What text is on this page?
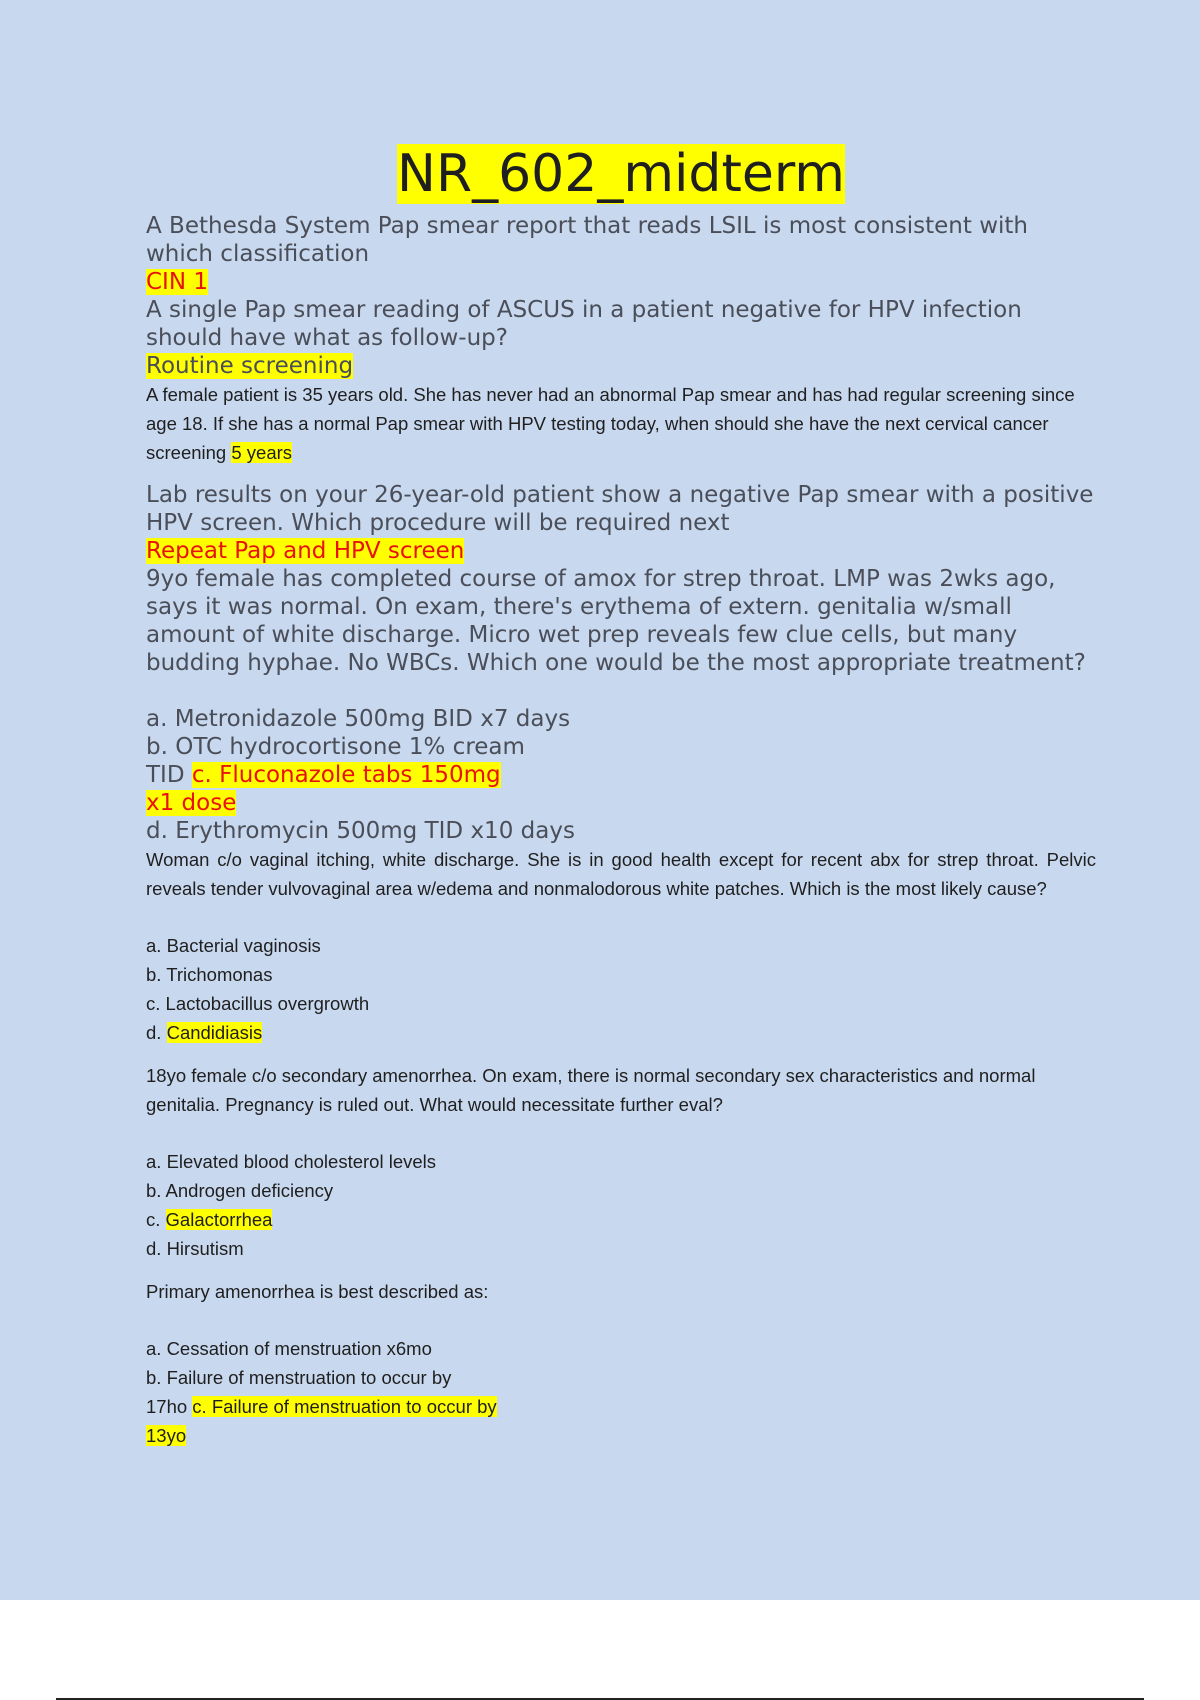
NR_602_midterm

A Bethesda System Pap smear report that reads LSIL is most consistent with which classification

CIN 1

A single Pap smear reading of ASCUS in a patient negative for HPV infection should have what as follow-up?

Routine screening

A female patient is 35 years old. She has never had an abnormal Pap smear and has had regular screening since age 18. If she has a normal Pap smear with HPV testing today, when should she have the next cervical cancer screening 5 years

Lab results on your 26-year-old patient show a negative Pap smear with a positive HPV screen. Which procedure will be required next

Repeat Pap and HPV screen

9yo female has completed course of amox for strep throat. LMP was 2wks ago, says it was normal. On exam, there's erythema of extern. genitalia w/small amount of white discharge. Micro wet prep reveals few clue cells, but many budding hyphae. No WBCs. Which one would be the most appropriate treatment?

a. Metronidazole 500mg BID x7 days

b. OTC hydrocortisone 1% cream

TID c. Fluconazole tabs 150mg

x1 dose

d. Erythromycin 500mg TID x10 days

Woman c/o vaginal itching, white discharge. She is in good health except for recent abx for strep throat. Pelvic reveals tender vulvovaginal area w/edema and nonmalodorous white patches. Which is the most likely cause?

a. Bacterial vaginosis

b. Trichomonas

c. Lactobacillus overgrowth

d. Candidiasis

18yo female c/o secondary amenorrhea. On exam, there is normal secondary sex characteristics and normal genitalia. Pregnancy is ruled out. What would necessitate further eval?

a. Elevated blood cholesterol levels

b. Androgen deficiency

c. Galactorrhea

d. Hirsutism

Primary amenorrhea is best described as:

a. Cessation of menstruation x6mo

b. Failure of menstruation to occur by

17ho c. Failure of menstruation to occur by

13yo
